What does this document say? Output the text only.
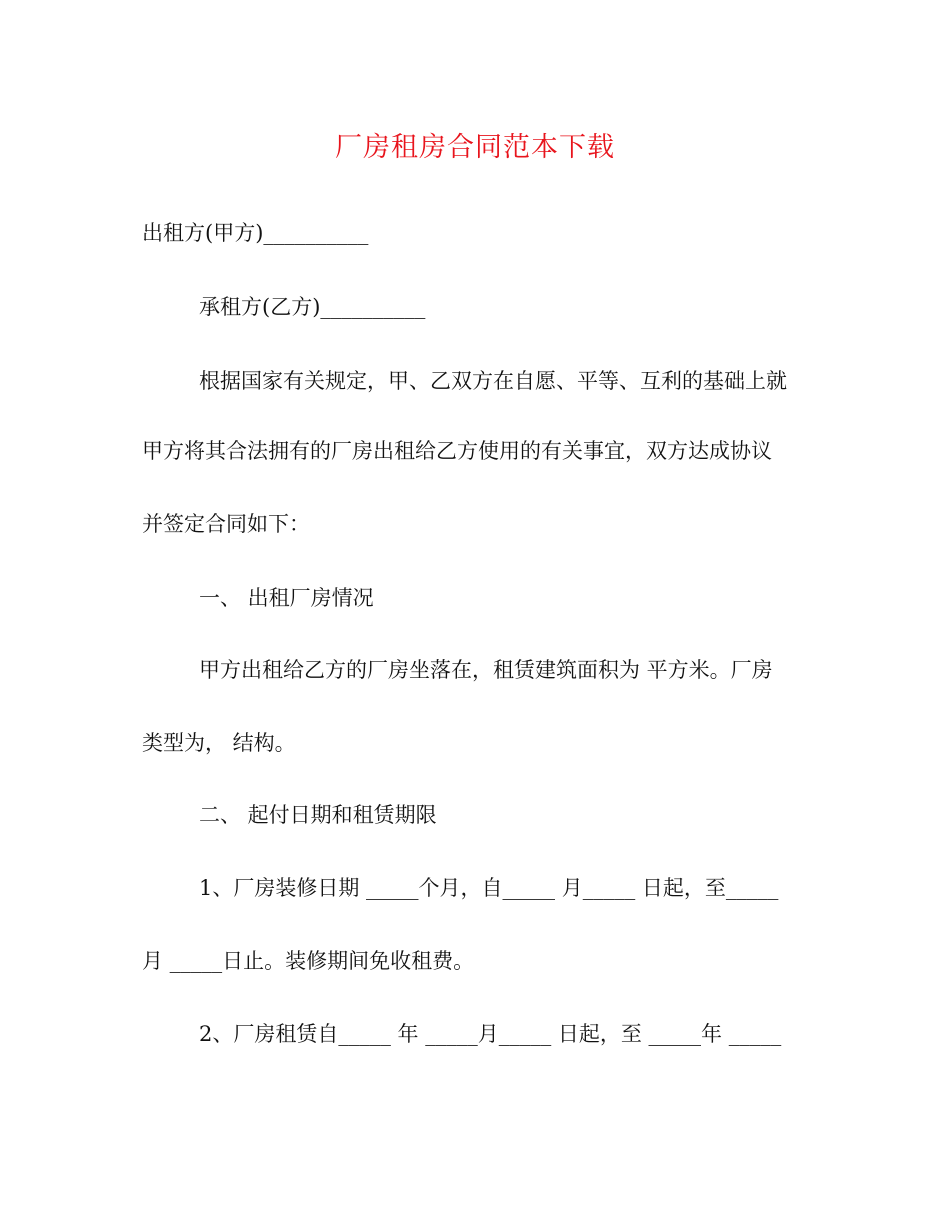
厂房租房合同范本下载
出租方(甲方)__________
承租方(乙方)__________
根据国家有关规定，甲、乙双方在自愿、平等、互利的基础上就
甲方将其合法拥有的厂房出租给乙方使用的有关事宜，双方达成协议
并签定合同如下：
一、 出租厂房情况
甲方出租给乙方的厂房坐落在，租赁建筑面积为 平方米。厂房
类型为， 结构。
二、 起付日期和租赁期限
1、厂房装修日期 _____个月，自_____ 月_____ 日起，至_____
月 _____日止。装修期间免收租费。
2、厂房租赁自_____ 年 _____月_____ 日起，至 _____年 _____
